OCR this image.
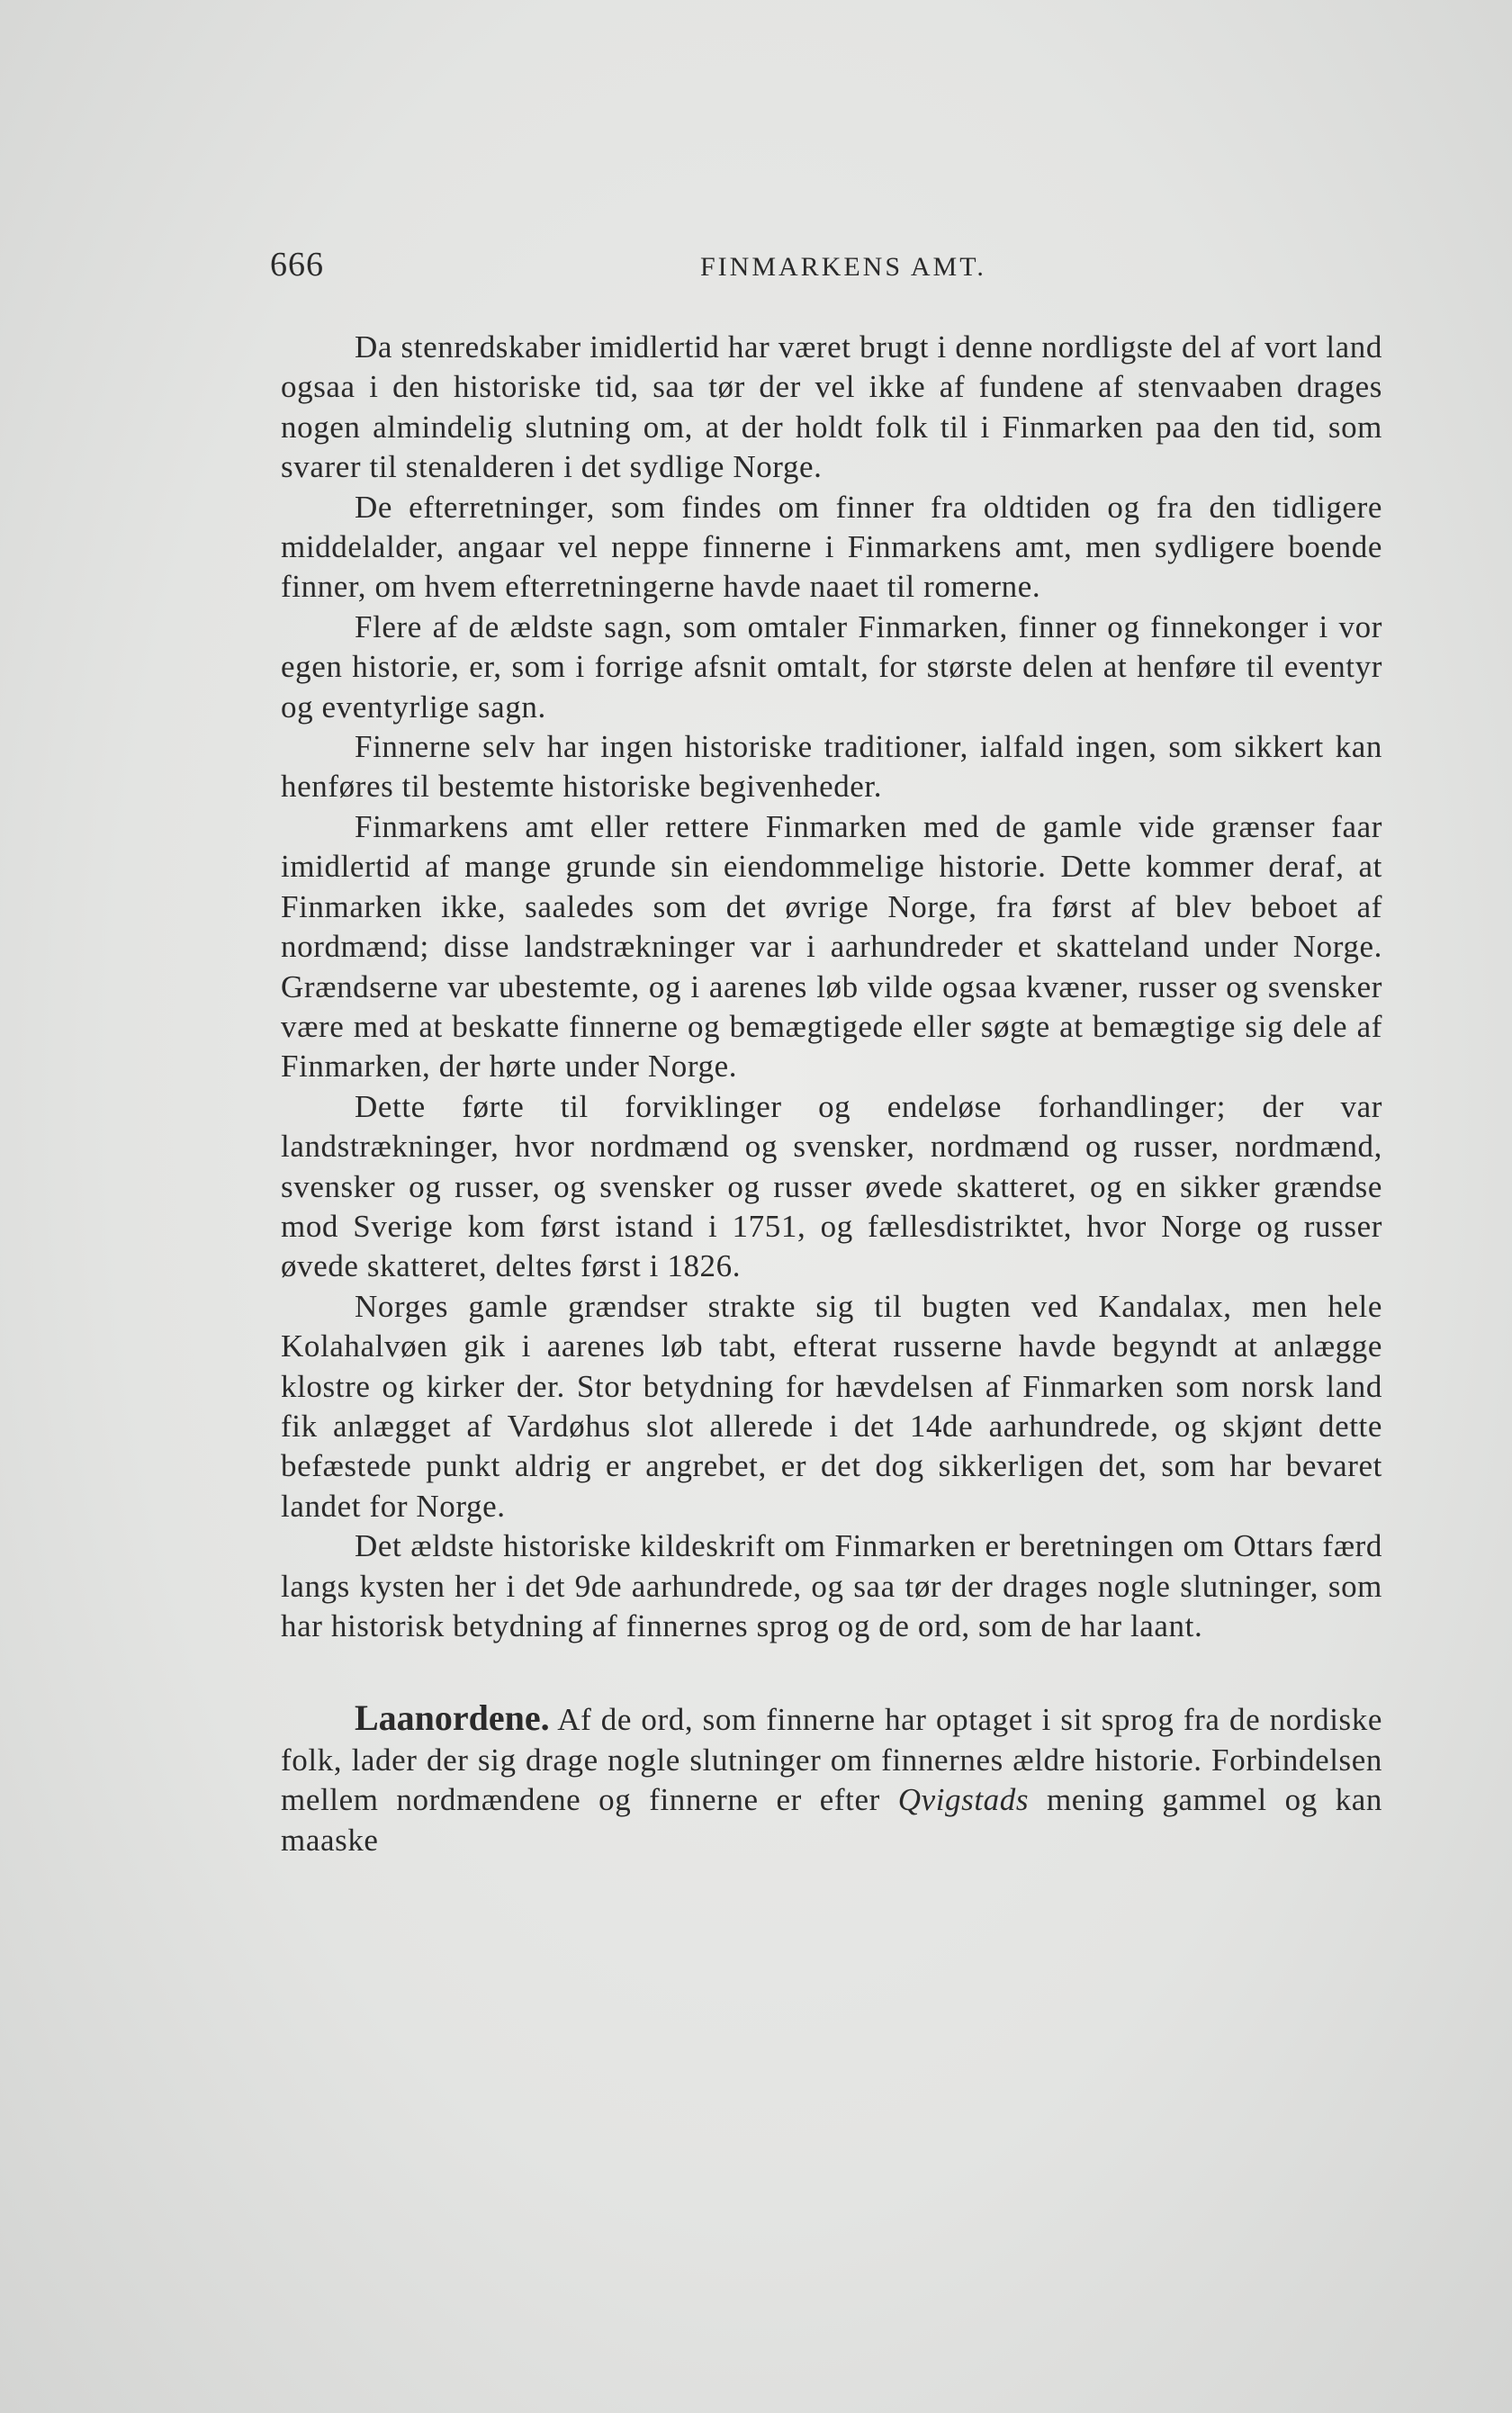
666	FINMARKENS AMT.

Da stenredskaber imidlertid har været brugt i denne nordligste del af vort land ogsaa i den historiske tid, saa tør der vel ikke af fundene af stenvaaben drages nogen almindelig slutning om, at der holdt folk til i Finmarken paa den tid, som svarer til stenalderen i det sydlige Norge.

De efterretninger, som findes om finner fra oldtiden og fra den tidligere middelalder, angaar vel neppe finnerne i Finmarkens amt, men sydligere boende finner, om hvem efterretningerne havde naaet til romerne.

Flere af de ældste sagn, som omtaler Finmarken, finner og finnekonger i vor egen historie, er, som i forrige afsnit omtalt, for største delen at henføre til eventyr og eventyrlige sagn.

Finnerne selv har ingen historiske traditioner, ialfald ingen, som sikkert kan henføres til bestemte historiske begivenheder.

Finmarkens amt eller rettere Finmarken med de gamle vide grænser faar imidlertid af mange grunde sin eiendommelige historie. Dette kommer deraf, at Finmarken ikke, saaledes som det øvrige Norge, fra først af blev beboet af nordmænd; disse landstrækninger var i aarhundreder et skatteland under Norge. Grændserne var ubestemte, og i aarenes løb vilde ogsaa kvæner, russer og svensker være med at beskatte finnerne og bemægtigede eller søgte at bemægtige sig dele af Finmarken, der hørte under Norge.

Dette førte til forviklinger og endeløse forhandlinger; der var landstrækninger, hvor nordmænd og svensker, nordmænd og russer, nordmænd, svensker og russer, og svensker og russer øvede skatteret, og en sikker grændse mod Sverige kom først istand i 1751, og fællesdistriktet, hvor Norge og russer øvede skatteret, deltes først i 1826.

Norges gamle grændser strakte sig til bugten ved Kandalax, men hele Kolahalvøen gik i aarenes løb tabt, efterat russerne havde begyndt at anlægge klostre og kirker der. Stor betydning for hævdelsen af Finmarken som norsk land fik anlægget af Vardøhus slot allerede i det 14de aarhundrede, og skjønt dette befæstede punkt aldrig er angrebet, er det dog sikkerligen det, som har bevaret landet for Norge.

Det ældste historiske kildeskrift om Finmarken er beretningen om Ottars færd langs kysten her i det 9de aarhundrede, og saa tør der drages nogle slutninger, som har historisk betydning af finnernes sprog og de ord, som de har laant.

Laanordene. Af de ord, som finnerne har optaget i sit sprog fra de nordiske folk, lader der sig drage nogle slutninger om finnernes ældre historie. Forbindelsen mellem nordmændene og finnerne er efter Qvigstads mening gammel og kan maaske
